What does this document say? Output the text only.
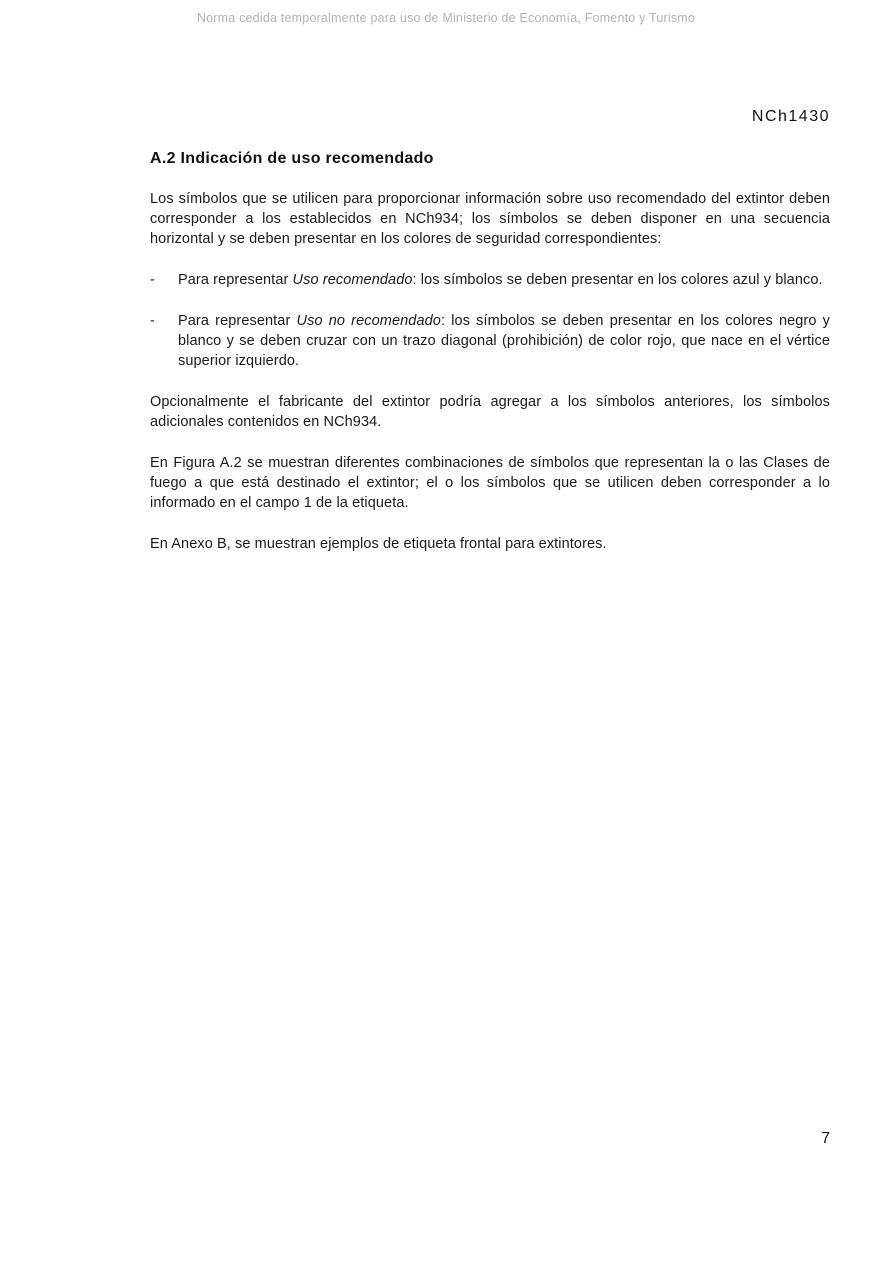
Norma cedida temporalmente para uso de Ministerio de Economía, Fomento y Turismo
NCh1430
A.2 Indicación de uso recomendado

Los símbolos que se utilicen para proporcionar información sobre uso recomendado del extintor deben corresponder a los establecidos en NCh934; los símbolos se deben disponer en una secuencia horizontal y se deben presentar en los colores de seguridad correspondientes:

-	Para representar Uso recomendado: los símbolos se deben presentar en los colores azul y blanco.
-	Para representar Uso no recomendado: los símbolos se deben presentar en los colores negro y blanco y se deben cruzar con un trazo diagonal (prohibición) de color rojo, que nace en el vértice superior izquierdo.

Opcionalmente el fabricante del extintor podría agregar a los símbolos anteriores, los símbolos adicionales contenidos en NCh934.

En Figura A.2 se muestran diferentes combinaciones de símbolos que representan la o las Clases de fuego a que está destinado el extintor; el o los símbolos que se utilicen deben corresponder a lo informado en el campo 1 de la etiqueta.

En Anexo B, se muestran ejemplos de etiqueta frontal para extintores.

7
